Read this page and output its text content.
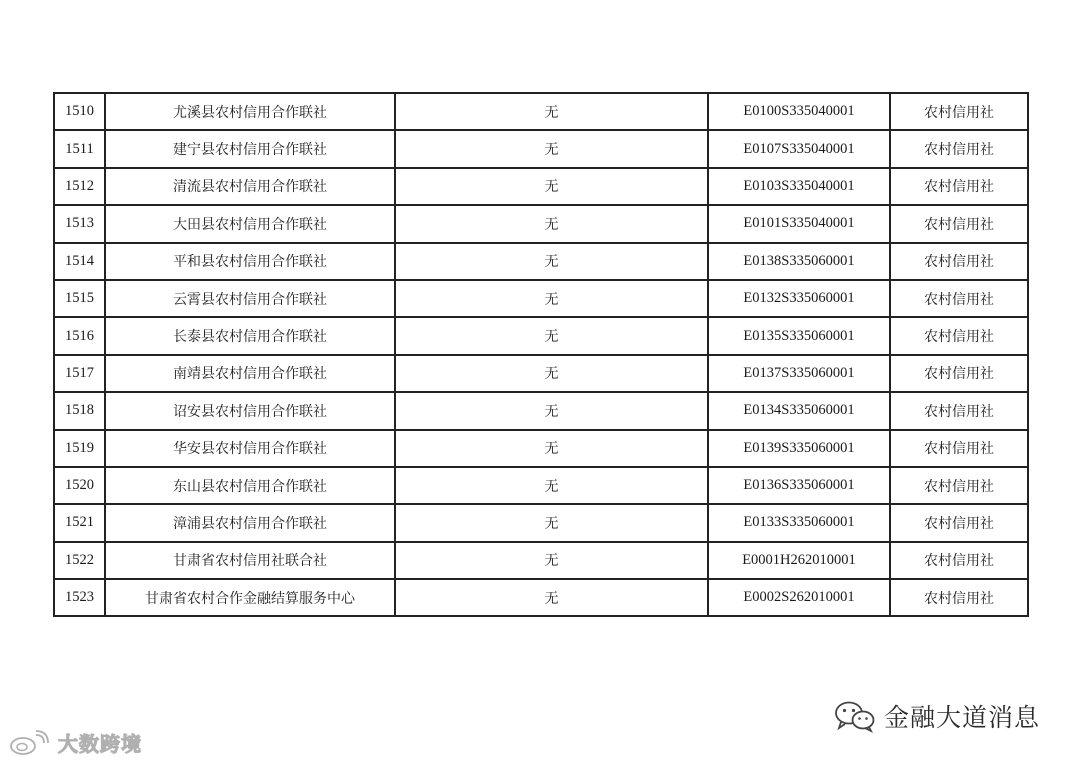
1510	尤溪县农村信用合作联社	无	E0100S335040001	农村信用社
1511	建宁县农村信用合作联社	无	E0107S335040001	农村信用社
1512	清流县农村信用合作联社	无	E0103S335040001	农村信用社
1513	大田县农村信用合作联社	无	E0101S335040001	农村信用社
1514	平和县农村信用合作联社	无	E0138S335060001	农村信用社
1515	云霄县农村信用合作联社	无	E0132S335060001	农村信用社
1516	长泰县农村信用合作联社	无	E0135S335060001	农村信用社
1517	南靖县农村信用合作联社	无	E0137S335060001	农村信用社
1518	诏安县农村信用合作联社	无	E0134S335060001	农村信用社
1519	华安县农村信用合作联社	无	E0139S335060001	农村信用社
1520	东山县农村信用合作联社	无	E0136S335060001	农村信用社
1521	漳浦县农村信用合作联社	无	E0133S335060001	农村信用社
1522	甘肃省农村信用社联合社	无	E0001H262010001	农村信用社
1523	甘肃省农村合作金融结算服务中心	无	E0002S262010001	农村信用社
金融大道消息
大数跨境
